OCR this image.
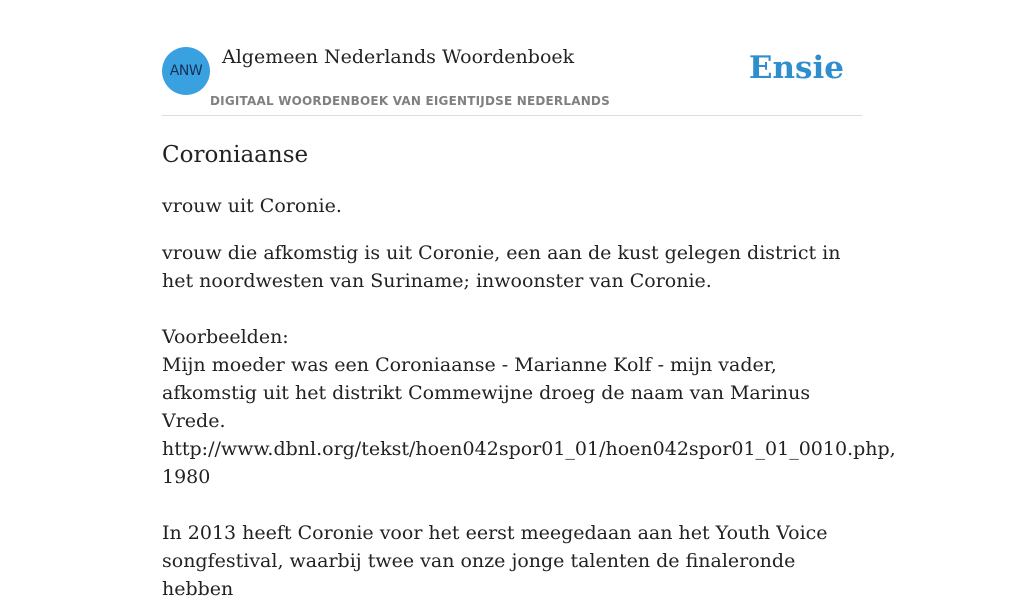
ANW
Algemeen Nederlands Woordenboek
DIGITAAL WOORDENBOEK VAN EIGENTIJDSE NEDERLANDS
Ensie
Coroniaanse

vrouw uit Coronie.

vrouw die afkomstig is uit Coronie, een aan de kust gelegen district in het noordwesten van Suriname; inwoonster van Coronie.

Voorbeelden:

Mijn moeder was een Coroniaanse - Marianne Kolf - mijn vader, afkomstig uit het distrikt Commewijne droeg de naam van Marinus Vrede.

http://www.dbnl.org/tekst/hoen042spor01_01/hoen042spor01_01_0010.php, 1980

In 2013 heeft Coronie voor het eerst meegedaan aan het Youth Voice songfestival, waarbij twee van onze jonge talenten de finaleronde hebben
